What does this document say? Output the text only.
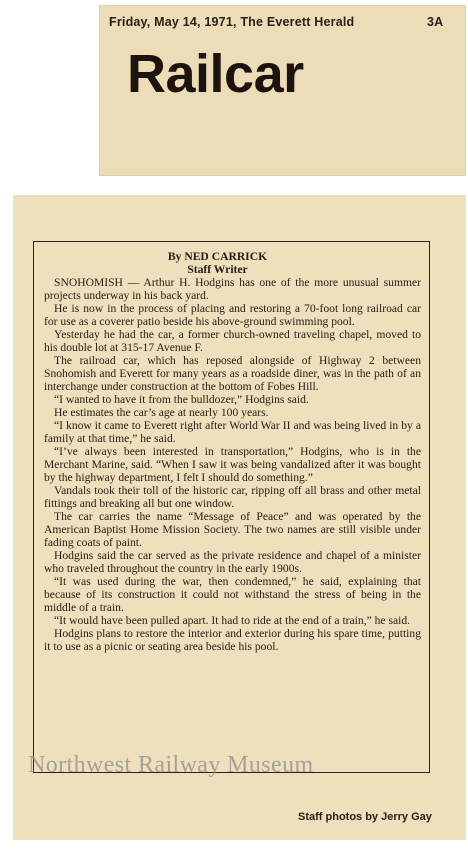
Friday, May 14, 1971, The Everett Herald	3A
Railcar
By NED CARRICK
Staff Writer

SNOHOMISH — Arthur H. Hodgins has one of the more unusual summer projects underway in his back yard.

He is now in the process of placing and restoring a 70-foot long railroad car for use as a coverer patio beside his above-ground swimming pool.

Yesterday he had the car, a former church-owned traveling chapel, moved to his double lot at 315-17 Avenue F.

The railroad car, which has reposed alongside of Highway 2 between Snohomish and Everett for many years as a roadside diner, was in the path of an interchange under construction at the bottom of Fobes Hill.

“I wanted to have it from the bulldozer,” Hodgins said.

He estimates the car’s age at nearly 100 years.

“I know it came to Everett right after World War II and was being lived in by a family at that time,” he said.

“I’ve always been interested in transportation,” Hodgins, who is in the Merchant Marine, said. “When I saw it was being vandalized after it was bought by the highway department, I felt I should do something.”

Vandals took their toll of the historic car, ripping off all brass and other metal fittings and breaking all but one window.

The car carries the name “Message of Peace” and was operated by the American Baptist Home Mission Society. The two names are still visible under fading coats of paint.

Hodgins said the car served as the private residence and chapel of a minister who traveled throughout the country in the early 1900s.

“It was used during the war, then condemned,” he said, explaining that because of its construction it could not withstand the stress of being in the middle of a train.

“It would have been pulled apart. It had to ride at the end of a train,” he said.

Hodgins plans to restore the interior and exterior during his spare time, putting it to use as a picnic or seating area beside his pool.

Northwest Railway Museum
Staff photos by Jerry Gay
